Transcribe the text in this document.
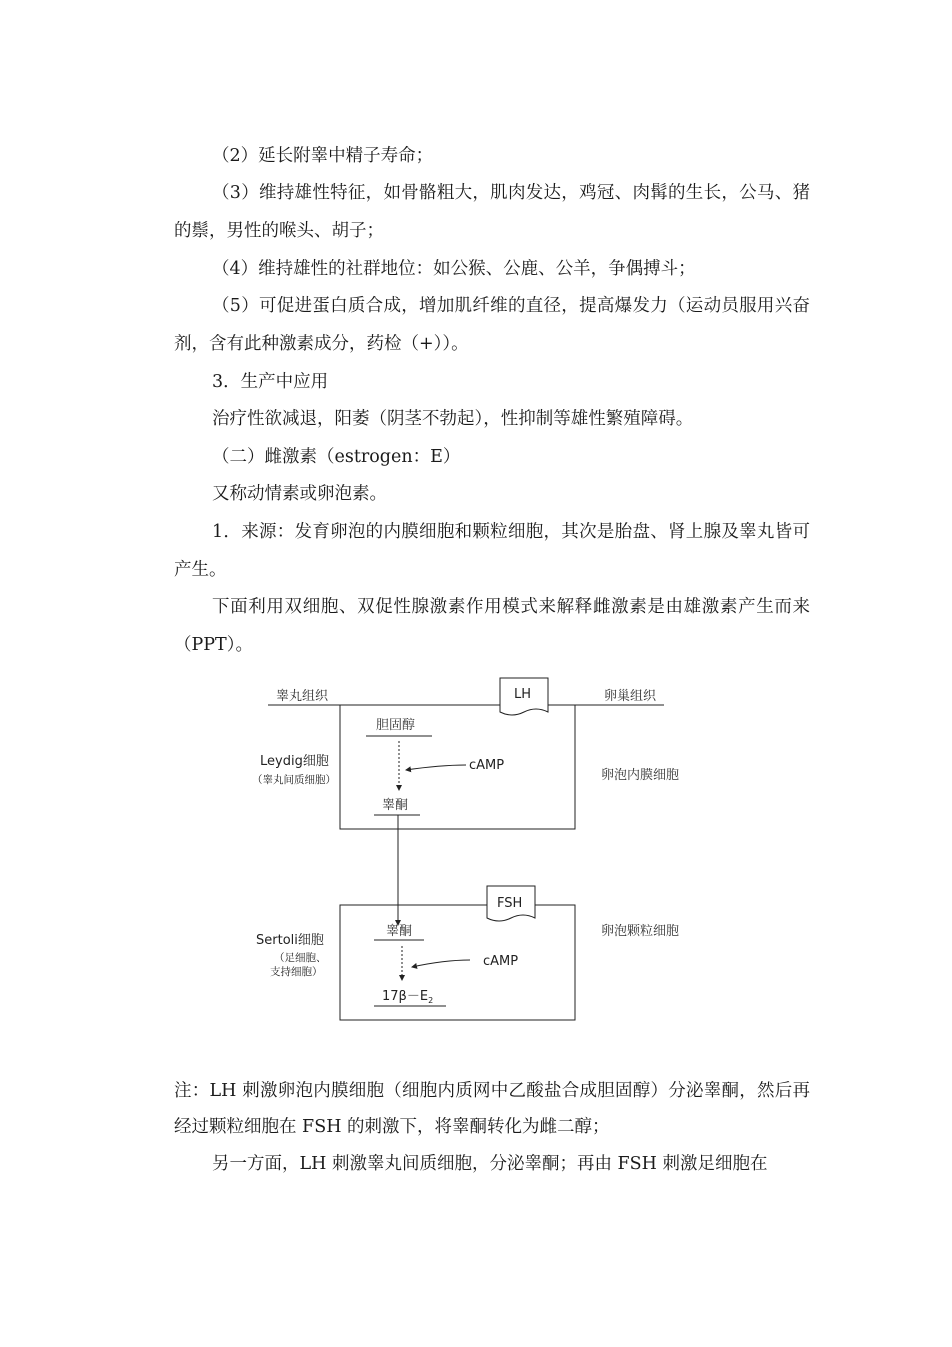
（2）延长附睾中精子寿命；

（3）维持雄性特征，如骨骼粗大，肌肉发达，鸡冠、肉髯的生长，公马、猪的鬃，男性的喉头、胡子；

（4）维持雄性的社群地位：如公猴、公鹿、公羊，争偶搏斗；

（5）可促进蛋白质合成，增加肌纤维的直径，提高爆发力（运动员服用兴奋剂，含有此种激素成分，药检（+））。

3．生产中应用

治疗性欲减退，阳萎（阴茎不勃起），性抑制等雄性繁殖障碍。

（二）雌激素（estrogen：E）

又称动情素或卵泡素。

1．来源：发育卵泡的内膜细胞和颗粒细胞，其次是胎盘、肾上腺及睾丸皆可产生。

下面利用双细胞、双促性腺激素作用模式来解释雌激素是由雄激素产生而来（PPT）。

睾丸组织	卵巢组织
LH
胆固醇
cAMP
睾酮
Leydig细胞
（睾丸间质细胞）	卵泡内膜细胞
FSH
睾酮
cAMP
$17\beta-E_2$
Sertoli细胞
（足细胞、
支持细胞）
卵泡颗粒细胞

注：LH 刺激卵泡内膜细胞（细胞内质网中乙酸盐合成胆固醇）分泌睾酮，然后再经过颗粒细胞在 FSH 的刺激下，将睾酮转化为雌二醇；

另一方面，LH 刺激睾丸间质细胞，分泌睾酮；再由 FSH 刺激足细胞在
